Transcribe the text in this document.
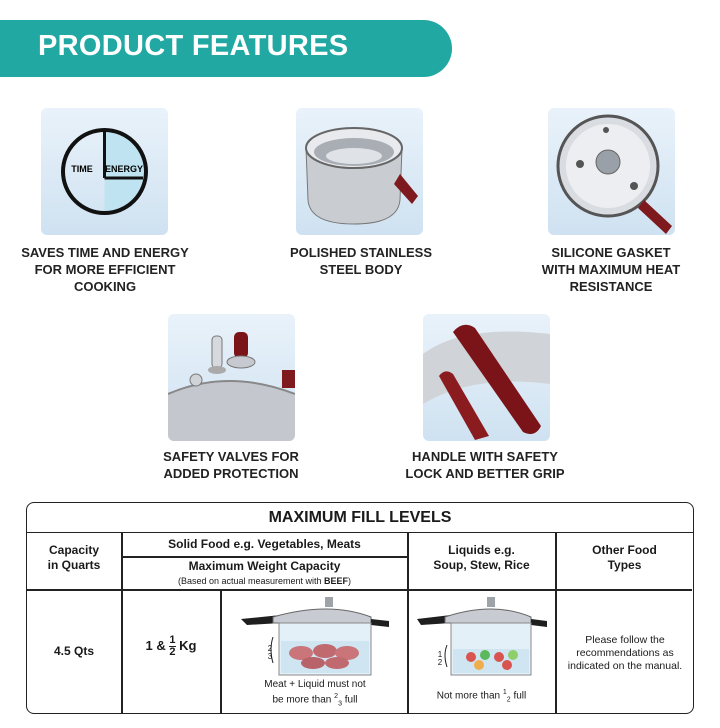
PRODUCT FEATURES
TIME ENERGY
SAVES TIME AND ENERGY
FOR MORE EFFICIENT
COOKING
POLISHED STAINLESS
STEEL BODY
SILICONE GASKET
WITH MAXIMUM HEAT
RESISTANCE
SAFETY VALVES FOR
ADDED PROTECTION
HANDLE WITH SAFETY
LOCK AND BETTER GRIP
MAXIMUM FILL LEVELS
Capacity
in Quarts
Solid Food e.g. Vegetables, Meats
Maximum Weight Capacity
(Based on actual measurement with BEEF)
Liquids e.g.
Soup, Stew, Rice
Other Food
Types
4.5 Qts	1 & $\frac{1}{2}$ Kg	2
3
Meat + Liquid must not
be more than $^2_3$ full
1
2
Not more than $^1_2$ full
Please follow the
recommendations as
indicated on the manual.
